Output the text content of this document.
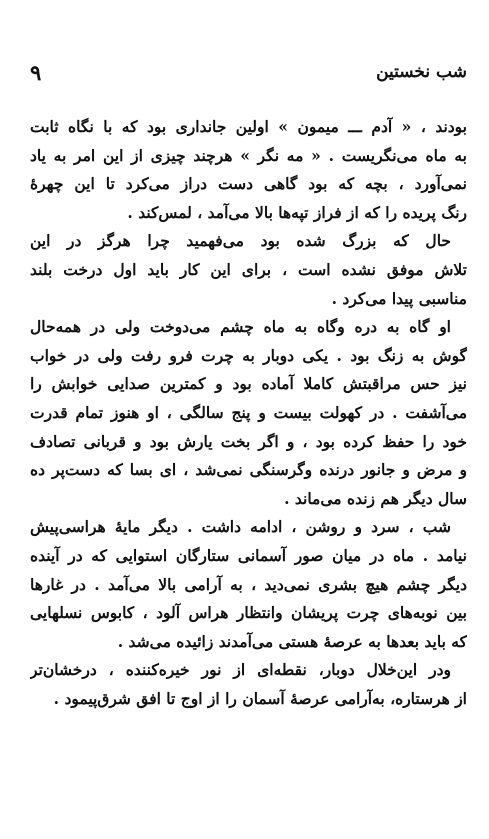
شب نخستین
۹
بودند ، « آدم ـــ میمون » اولین جانداری بود که با نگاه ثابت
به ماه می‌نگریست . « مه نگر » هرچند چیزی از این امر به یاد
نمی‌آورد ، بچه که بود گاهی دست دراز می‌کرد تا این چهرهٔ
رنگ پریده را که از فراز تپه‌ها بالا می‌آمد ، لمس‌کند .
حال که بزرگ شده بود می‌فهمید چرا هرگز در این
تلاش موفق نشده است ، برای این کار باید اول درخت بلند
مناسبی پیدا می‌کرد .
او گاه به دره وگاه به ماه چشم می‌دوخت ولی در همه‌حال
گوش به زنگ بود . یکی دوبار به چرت فرو رفت ولی در خواب
نیز حس مراقبتش کاملا آماده بود و کمترین صدایی خوابش را
می‌آشفت . در کهولت بیست و پنج سالگی ، او هنوز تمام قدرت
خود را حفظ کرده بود ، و اگر بخت یارش بود و قربانی تصادف
و مرض و جانور درنده وگرسنگی نمی‌شد ، ای بسا که دست‌پر ده
سال دیگر هم زنده می‌ماند .
شب ، سرد و روشن ، ادامه داشت . دیگر مایهٔ هراسی‌پیش
نیامد . ماه در میان صور آسمانی ستارگان استوایی که در آینده
دیگر چشم هیچ بشری نمی‌دید ، به آرامی بالا می‌آمد . در غارها
بین نوبه‌های چرت پریشان وانتظار هراس آلود ، کابوس نسلهایی
که باید بعدها به عرصهٔ هستی می‌آمدند زائیده می‌شد .
ودر این‌خلال دوبار، نقطه‌ای از نور خیره‌کننده ، درخشان‌تر
از هرستاره، به‌آرامی عرصهٔ آسمان را از اوج تا افق شرق‌پیمود .
